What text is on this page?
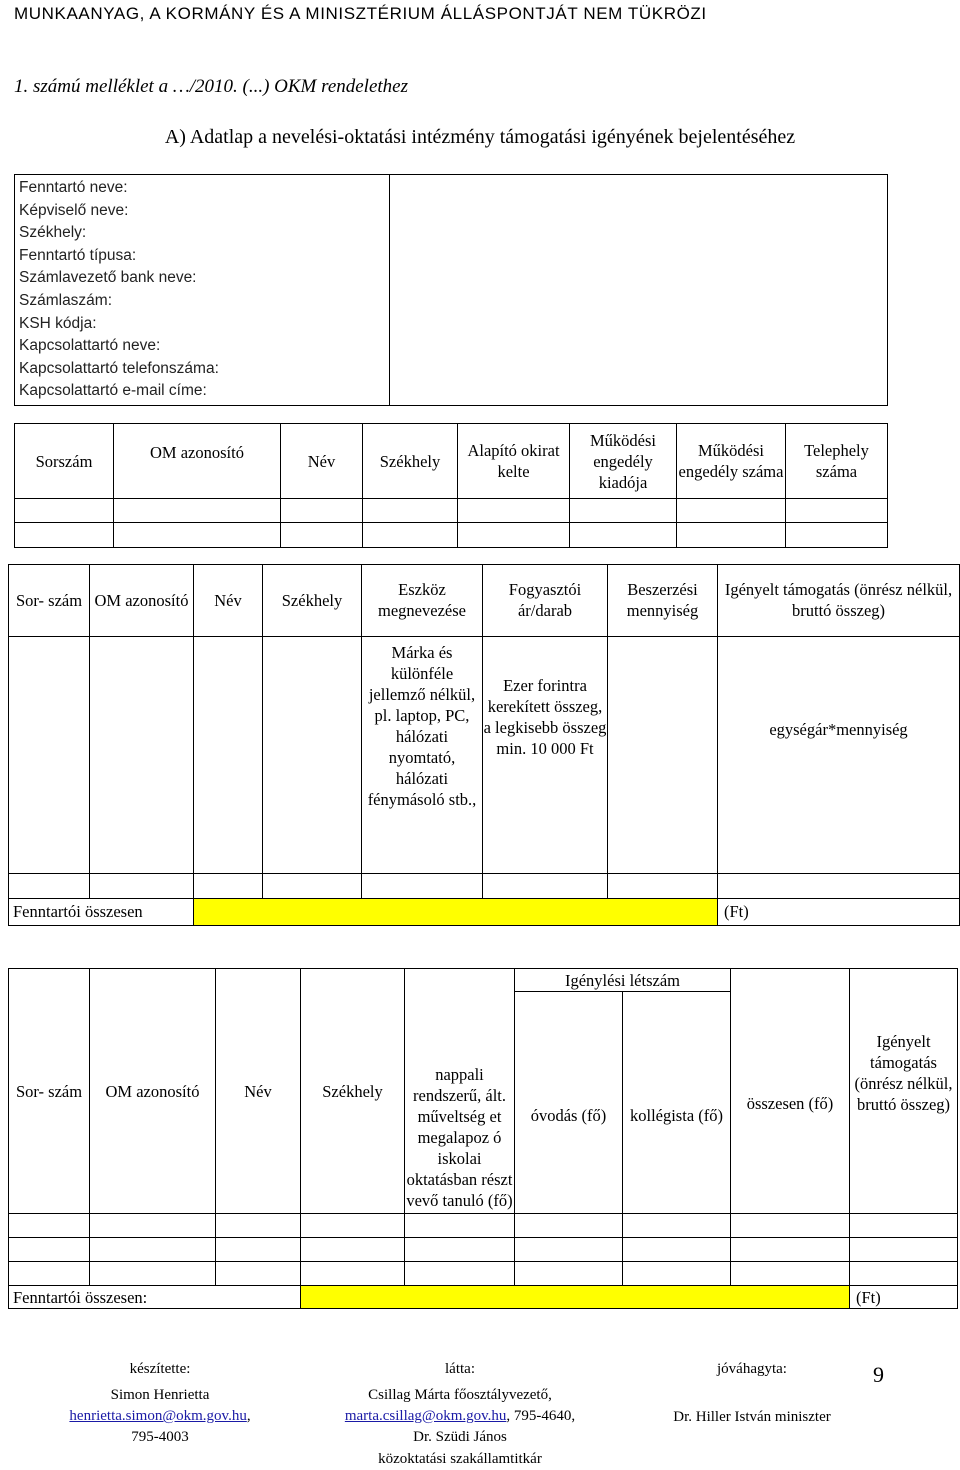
MUNKAANYAG, A KORMÁNY ÉS A MINISZTÉRIUM ÁLLÁSPONTJÁT NEM TÜKRÖZI
1. számú melléklet a …/2010. (...) OKM rendelethez
A) Adatlap a nevelési-oktatási intézmény támogatási igényének bejelentéséhez
Fenntartó neve:
Képviselő neve:
Székhely:
Fenntartó típusa:
Számlavezető bank neve:
Számlaszám:
KSH kódja:
Kapcsolattartó neve:
Kapcsolattartó telefonszáma:
Kapcsolattartó e-mail címe:

Sorszám	OM azonosító	Név	Székhely	Alapító okirat kelte	Működési engedély kiadója	Működési engedély száma	Telephely száma

Sor- szám	OM azonosító	Név	Székhely	Eszköz megnevezése	Fogyasztói ár/darab	Beszerzési mennyiség	Igényelt támogatás (önrész nélkül, bruttó összeg)
				Márka és különféle jellemző nélkül, pl. laptop, PC, hálózati nyomtató, hálózati fénymásoló stb.,	Ezer forintra kerekített összeg, a legkisebb összeg min. 10 000 Ft		egységár*mennyiség

Fenntartói összesen							(Ft)
Sor- szám	OM azonosító	Név	Székhely	nappali rendszerű, ált. műveltség et megalapoz ó iskolai oktatásban részt vevő tanuló (fő)	Igénylési létszám		összesen (fő)	Igényelt támogatás (önrész nélkül, bruttó összeg)
					óvodás (fő)	kollégista (fő)		

Fenntartói összesen:								(Ft)
készítette:
Simon Henrietta
henrietta.simon@okm.gov.hu,
795-4003
látta:
Csillag Márta főosztályvezető,
marta.csillag@okm.gov.hu, 795-4640,
Dr. Szüdi János
közoktatási szakállamtitkár
jóváhagyta:
Dr. Hiller István miniszter
9
